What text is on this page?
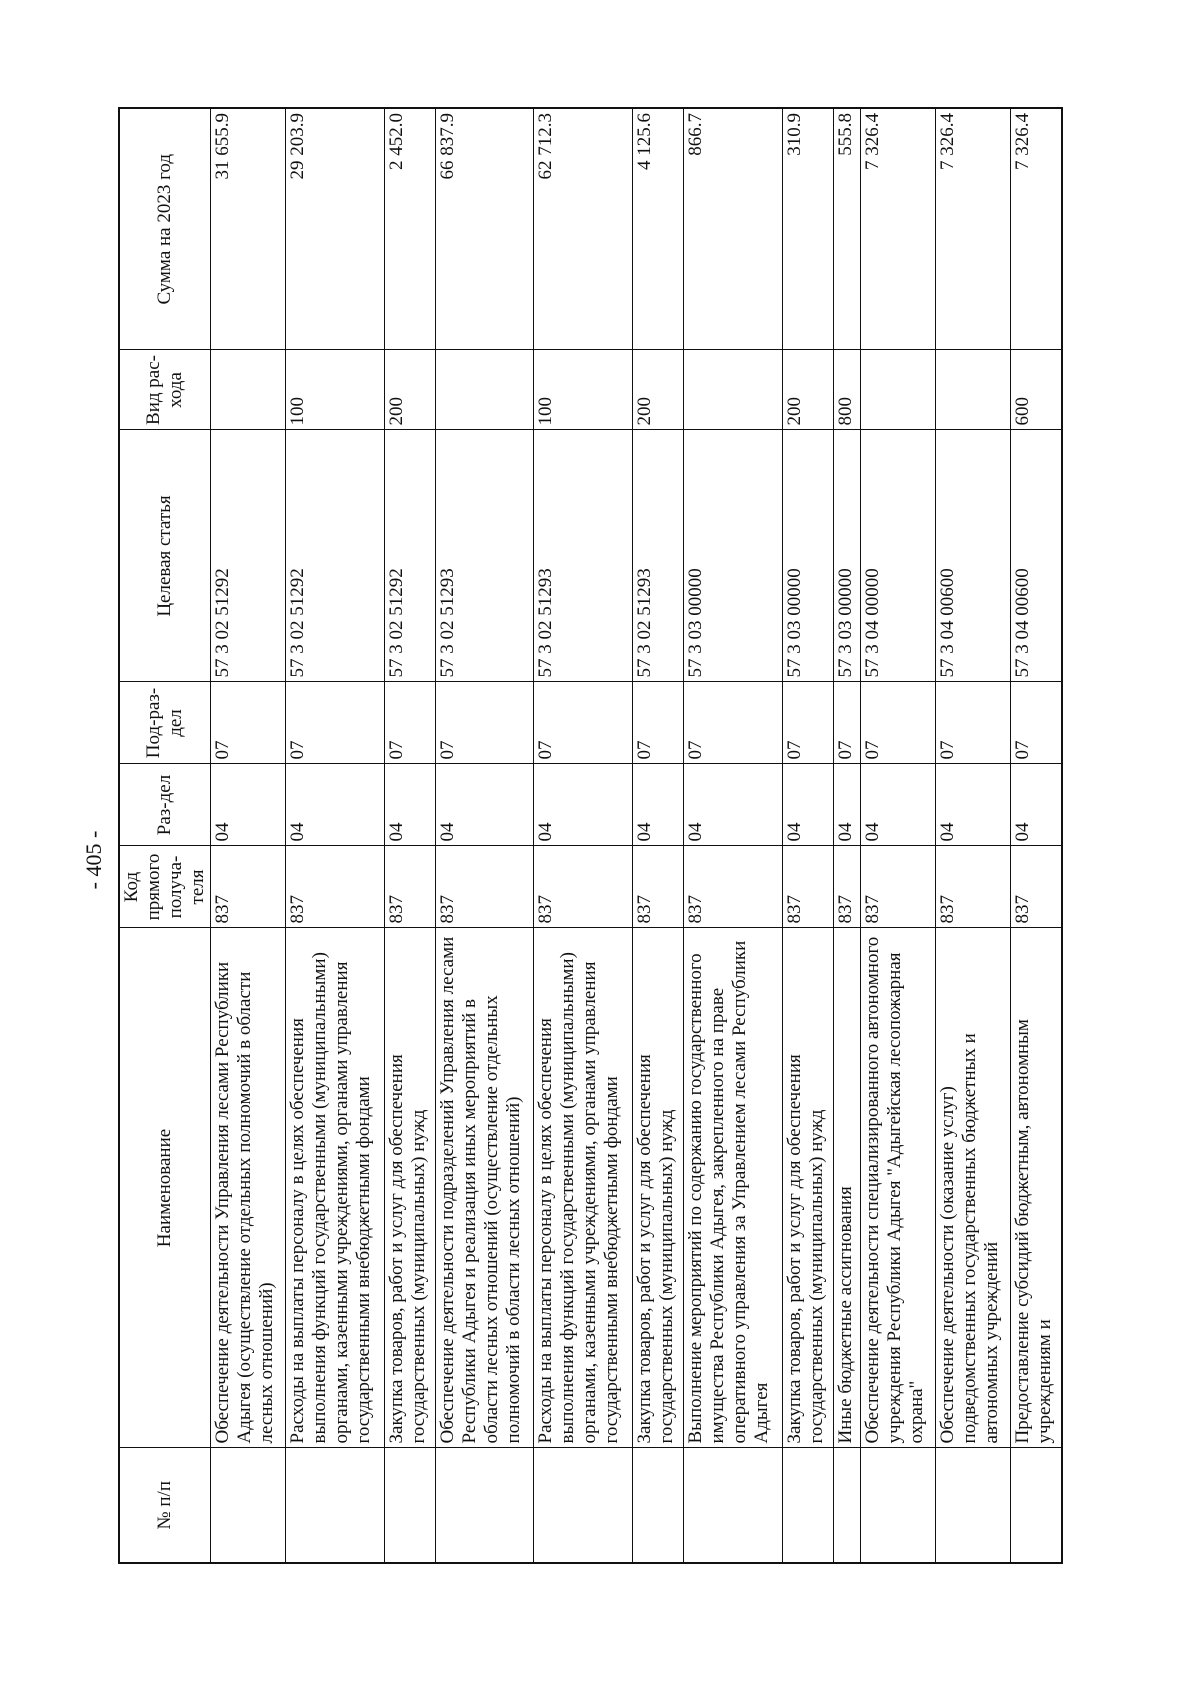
- 405 -
№ п/п	Наименование	Код прямого получа-теля	Раз-дел	Под-раз-дел	Целевая статья	Вид рас-хода	Сумма на 2023 год
	Обеспечение деятельности Управления лесами Республики Адыгея (осуществление отдельных полномочий в области лесных отношений)	837	04	07	57 3 02 51292		31 655.9
	Расходы на выплаты персоналу в целях обеспечения выполнения функций государственными (муниципальными) органами, казенными учреждениями, органами управления государственными внебюджетными фондами	837	04	07	57 3 02 51292	100	29 203.9
	Закупка товаров, работ и услуг для обеспечения государственных (муниципальных) нужд	837	04	07	57 3 02 51292	200	2 452.0
	Обеспечение деятельности подразделений Управления лесами Республики Адыгея и реализация иных мероприятий в области лесных отношений (осуществление отдельных полномочий в области лесных отношений)	837	04	07	57 3 02 51293		66 837.9
	Расходы на выплаты персоналу в целях обеспечения выполнения функций государственными (муниципальными) органами, казенными учреждениями, органами управления государственными внебюджетными фондами	837	04	07	57 3 02 51293	100	62 712.3
	Закупка товаров, работ и услуг для обеспечения государственных (муниципальных) нужд	837	04	07	57 3 02 51293	200	4 125.6
	Выполнение мероприятий по содержанию государственного имущества Республики Адыгея, закрепленного на праве оперативного управления за Управлением лесами Республики Адыгея	837	04	07	57 3 03 00000		866.7
	Закупка товаров, работ и услуг для обеспечения государственных (муниципальных) нужд	837	04	07	57 3 03 00000	200	310.9
	Иные бюджетные ассигнования	837	04	07	57 3 03 00000	800	555.8
	Обеспечение деятельности специализированного автономного учреждения Республики Адыгея "Адыгейская лесопожарная охрана"	837	04	07	57 3 04 00000		7 326.4
	Обеспечение деятельности (оказание услуг) подведомственных государственных бюджетных и автономных учреждений	837	04	07	57 3 04 00600		7 326.4
	Предоставление субсидий бюджетным, автономным учреждениям и	837	04	07	57 3 04 00600	600	7 326.4
